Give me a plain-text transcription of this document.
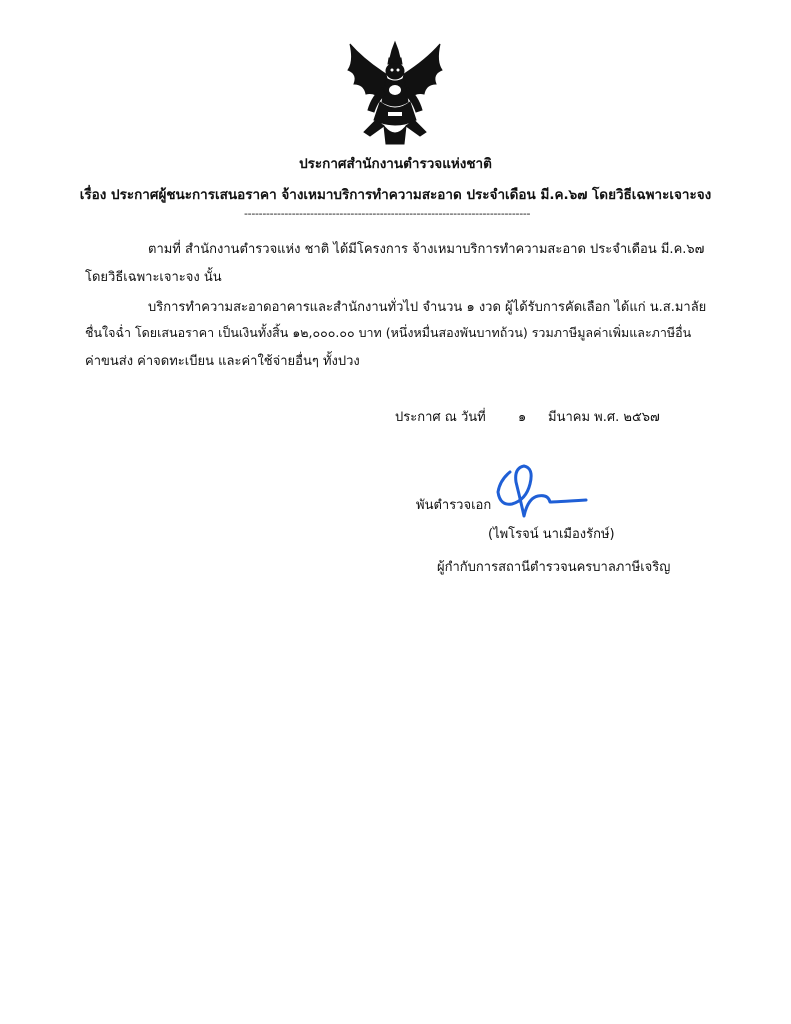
ประกาศสำนักงานตำรวจแห่งชาติ
เรื่อง ประกาศผู้ชนะการเสนอราคา จ้างเหมาบริการทำความสะอาด ประจำเดือน มี.ค.๖๗ โดยวิธีเฉพาะเจาะจง
------------------------------------------------------------------------------
ตามที่ สำนักงานตำรวจแห่ง ชาติ ได้มีโครงการ จ้างเหมาบริการทำความสะอาด ประจำเดือน มี.ค.๖๗
โดยวิธีเฉพาะเจาะจง นั้น
บริการทำความสะอาดอาคารและสำนักงานทั่วไป จำนวน ๑ งวด ผู้ได้รับการคัดเลือก ได้แก่ น.ส.มาลัย
ชื่นใจฉ่ำ โดยเสนอราคา เป็นเงินทั้งสิ้น ๑๒,๐๐๐.๐๐ บาท (หนึ่งหมื่นสองพันบาทถ้วน) รวมภาษีมูลค่าเพิ่มและภาษีอื่น
ค่าขนส่ง ค่าจดทะเบียน และค่าใช้จ่ายอื่นๆ ทั้งปวง
ประกาศ ณ วันที่ ๑ มีนาคม พ.ศ. ๒๕๖๗
พันตำรวจเอก
(ไพโรจน์ นาเมืองรักษ์)
ผู้กำกับการสถานีตำรวจนครบาลภาษีเจริญ
